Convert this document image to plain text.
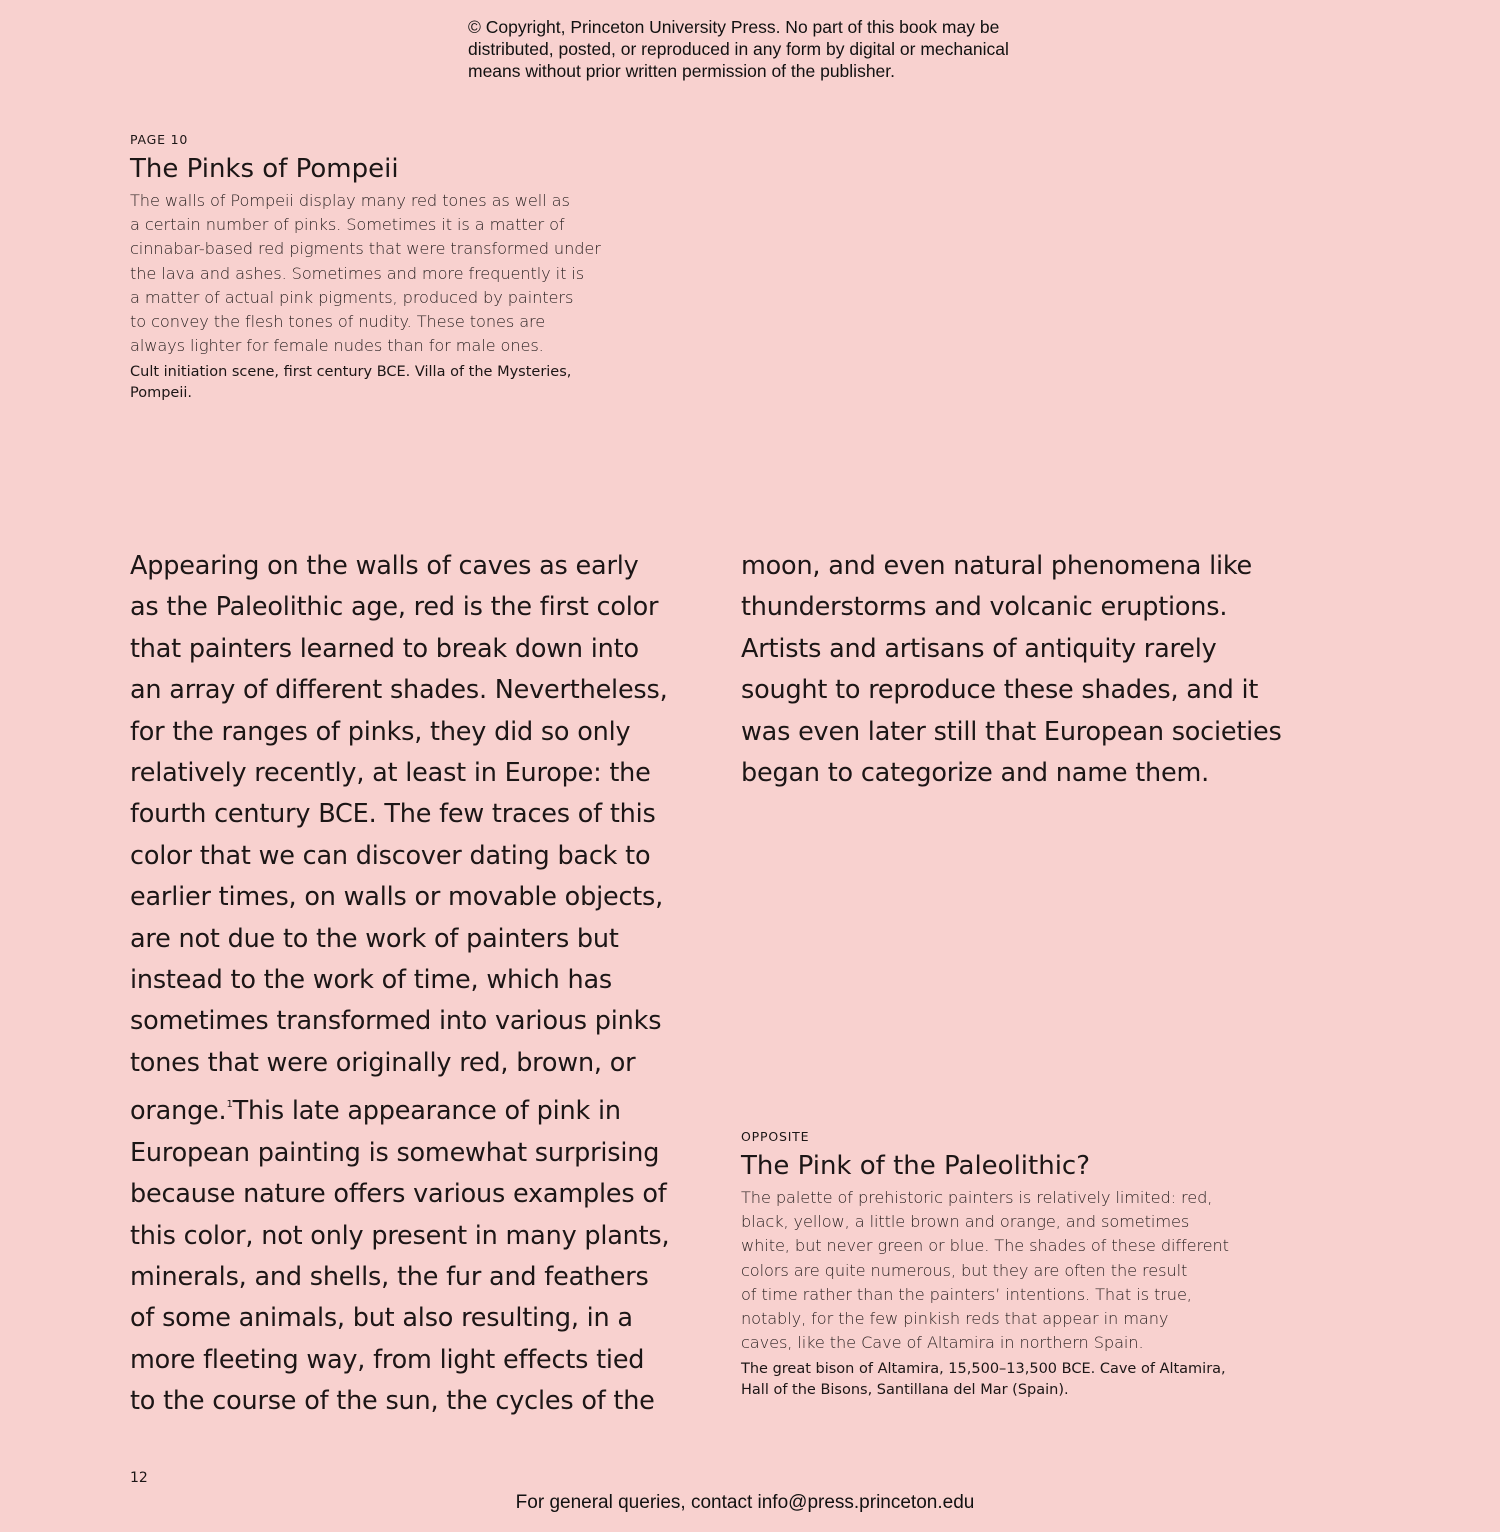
© Copyright, Princeton University Press. No part of this book may be
distributed, posted, or reproduced in any form by digital or mechanical
means without prior written permission of the publisher.
PAGE 10
The Pinks of Pompeii
The walls of Pompeii display many red tones as well as
a certain number of pinks. Sometimes it is a matter of
cinnabar-based red pigments that were transformed under
the lava and ashes. Sometimes and more frequently it is
a matter of actual pink pigments, produced by painters
to convey the flesh tones of nudity. These tones are
always lighter for female nudes than for male ones.
Cult initiation scene, first century BCE. Villa of the Mysteries,
Pompeii.
Appearing on the walls of caves as early
as the Paleolithic age, red is the first color
that painters learned to break down into
an array of different shades. Nevertheless,
for the ranges of pinks, they did so only
relatively recently, at least in Europe: the
fourth century BCE. The few traces of this
color that we can discover dating back to
earlier times, on walls or movable objects,
are not due to the work of painters but
instead to the work of time, which has
sometimes transformed into various pinks
tones that were originally red, brown, or
orange.$^1$This late appearance of pink in
European painting is somewhat surprising
because nature offers various examples of
this color, not only present in many plants,
minerals, and shells, the fur and feathers
of some animals, but also resulting, in a
more fleeting way, from light effects tied
to the course of the sun, the cycles of the
moon, and even natural phenomena like
thunderstorms and volcanic eruptions.
Artists and artisans of antiquity rarely
sought to reproduce these shades, and it
was even later still that European societies
began to categorize and name them.
OPPOSITE
The Pink of the Paleolithic?
The palette of prehistoric painters is relatively limited: red,
black, yellow, a little brown and orange, and sometimes
white, but never green or blue. The shades of these different
colors are quite numerous, but they are often the result
of time rather than the painters’ intentions. That is true,
notably, for the few pinkish reds that appear in many
caves, like the Cave of Altamira in northern Spain.
The great bison of Altamira, 15,500–13,500 BCE. Cave of Altamira,
Hall of the Bisons, Santillana del Mar (Spain).
12
For general queries, contact info@press.princeton.edu
